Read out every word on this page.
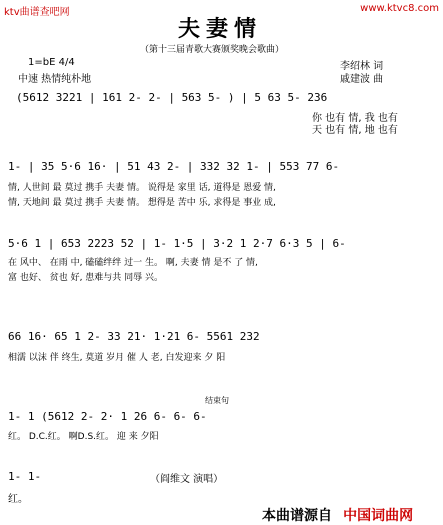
ktv曲谱查吧网	www.ktvc8.com
夫妻情
（第十三届青歌大赛颁奖晚会歌曲）
1=bE 4/4
中速 热情纯朴地
李绍林 词
戚建波 曲
(5612 3221 | 161 2- 2- | 563 5- ) | 5 63 5- 236
你 也有 情, 我 也有
天 也有 情, 地 也有
1- | 35 5·6 16· | 51 43 2- | 332 32 1- | 553 77 6-
情, 人世间 最 莫过 携手 夫妻 情。 说得是 家里 话, 道得是 恩爱 情,
情, 天地间 最 莫过 携手 夫妻 情。 想得是 苦中 乐, 求得是 事业 成,
5·6 1 | 653 2223 52 | 1- 1·5 | 3·2 1 2·7 6·3 5 | 6-
在 风中、 在雨 中, 磕磕绊绊 过一 生。 啊, 夫妻 情 是不 了 情,
富 也好、 贫也 好, 患难与共 同辱 兴。
66 16· 65 1 2- 33 21· 1·21 6- 5561 232
相濡 以沫 伴 终生, 莫道 岁月 催 人 老, 白发迎来 夕 阳
结束句
1- 1 (5612 2- 2· 1 26 6- 6- 6-
红。 D.C.红。 啊D.S.红。 迎 来 夕阳
1- 1-
红。
（阎维文 演唱）
本曲谱源自 中国词曲网
